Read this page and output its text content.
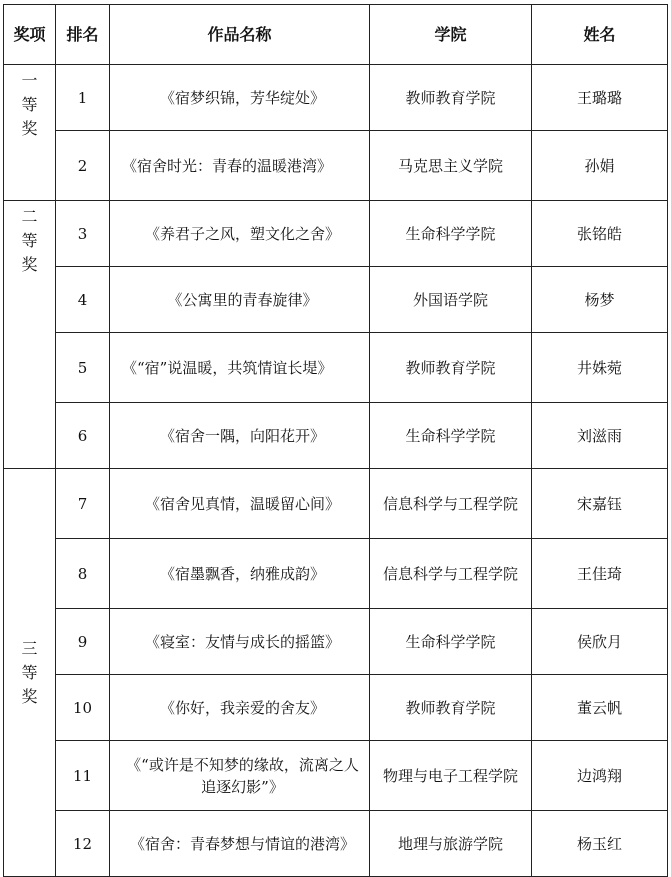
奖项	排名	作品名称	学院	姓名

一
等
奖	1	《宿梦织锦，芳华绽处》	教师教育学院	王璐璐
	2	《宿舍时光：青春的温暖港湾》	马克思主义学院	孙娟

二
等
奖	3	《养君子之风，塑文化之舍》	生命科学学院	张铭皓
	4	《公寓里的青春旋律》	外国语学院	杨梦
	5	《“宿”说温暖，共筑情谊长堤》	教师教育学院	井姝菀
	6	《宿舍一隅，向阳花开》	生命科学学院	刘滋雨

三
等
奖	7	《宿舍见真情，温暖留心间》	信息科学与工程学院	宋嘉钰
	8	《宿墨飘香，纳雅成韵》	信息科学与工程学院	王佳琦
	9	《寝室：友情与成长的摇篮》	生命科学学院	侯欣月
	10	《你好，我亲爱的舍友》	教师教育学院	董云帆
	11	《“或许是不知梦的缘故，流离之人追逐幻影”》	物理与电子工程学院	边鸿翔
	12	《宿舍：青春梦想与情谊的港湾》	地理与旅游学院	杨玉红
